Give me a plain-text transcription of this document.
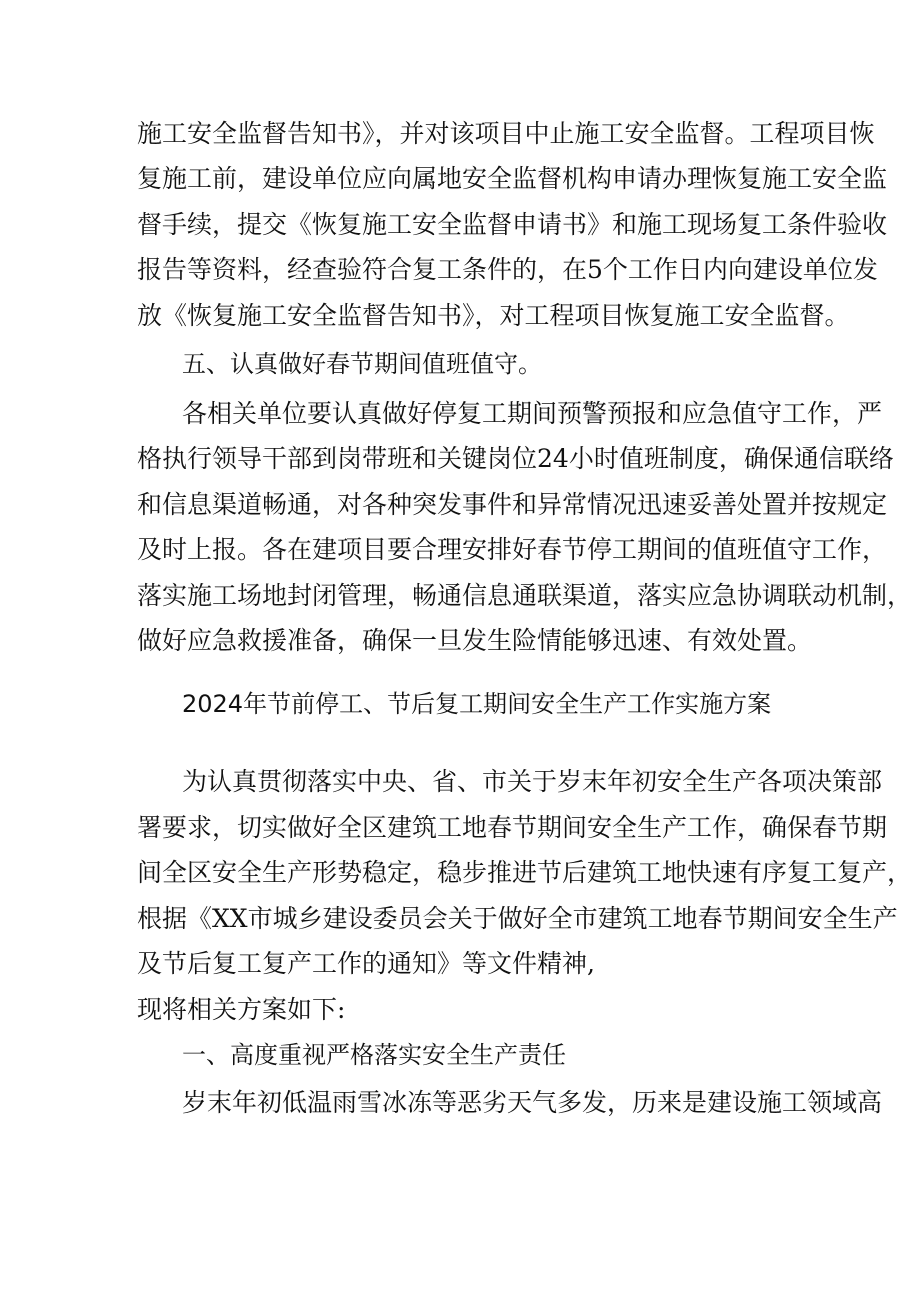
施工安全监督告知书》，并对该项目中止施工安全监督。工程项目恢
复施工前，建设单位应向属地安全监督机构申请办理恢复施工安全监
督手续，提交《恢复施工安全监督申请书》和施工现场复工条件验收
报告等资料，经查验符合复工条件的，在5个工作日内向建设单位发
放《恢复施工安全监督告知书》，对工程项目恢复施工安全监督。
五、认真做好春节期间值班值守。
各相关单位要认真做好停复工期间预警预报和应急值守工作，严
格执行领导干部到岗带班和关键岗位24小时值班制度，确保通信联络
和信息渠道畅通，对各种突发事件和异常情况迅速妥善处置并按规定
及时上报。各在建项目要合理安排好春节停工期间的值班值守工作，
落实施工场地封闭管理，畅通信息通联渠道，落实应急协调联动机制，
做好应急救援准备，确保一旦发生险情能够迅速、有效处置。
2024年节前停工、节后复工期间安全生产工作实施方案
为认真贯彻落实中央、省、市关于岁末年初安全生产各项决策部
署要求，切实做好全区建筑工地春节期间安全生产工作，确保春节期
间全区安全生产形势稳定，稳步推进节后建筑工地快速有序复工复产，
根据《XX市城乡建设委员会关于做好全市建筑工地春节期间安全生产
及节后复工复产工作的通知》等文件精神,
现将相关方案如下:
一、高度重视严格落实安全生产责任
岁末年初低温雨雪冰冻等恶劣天气多发，历来是建设施工领域高
